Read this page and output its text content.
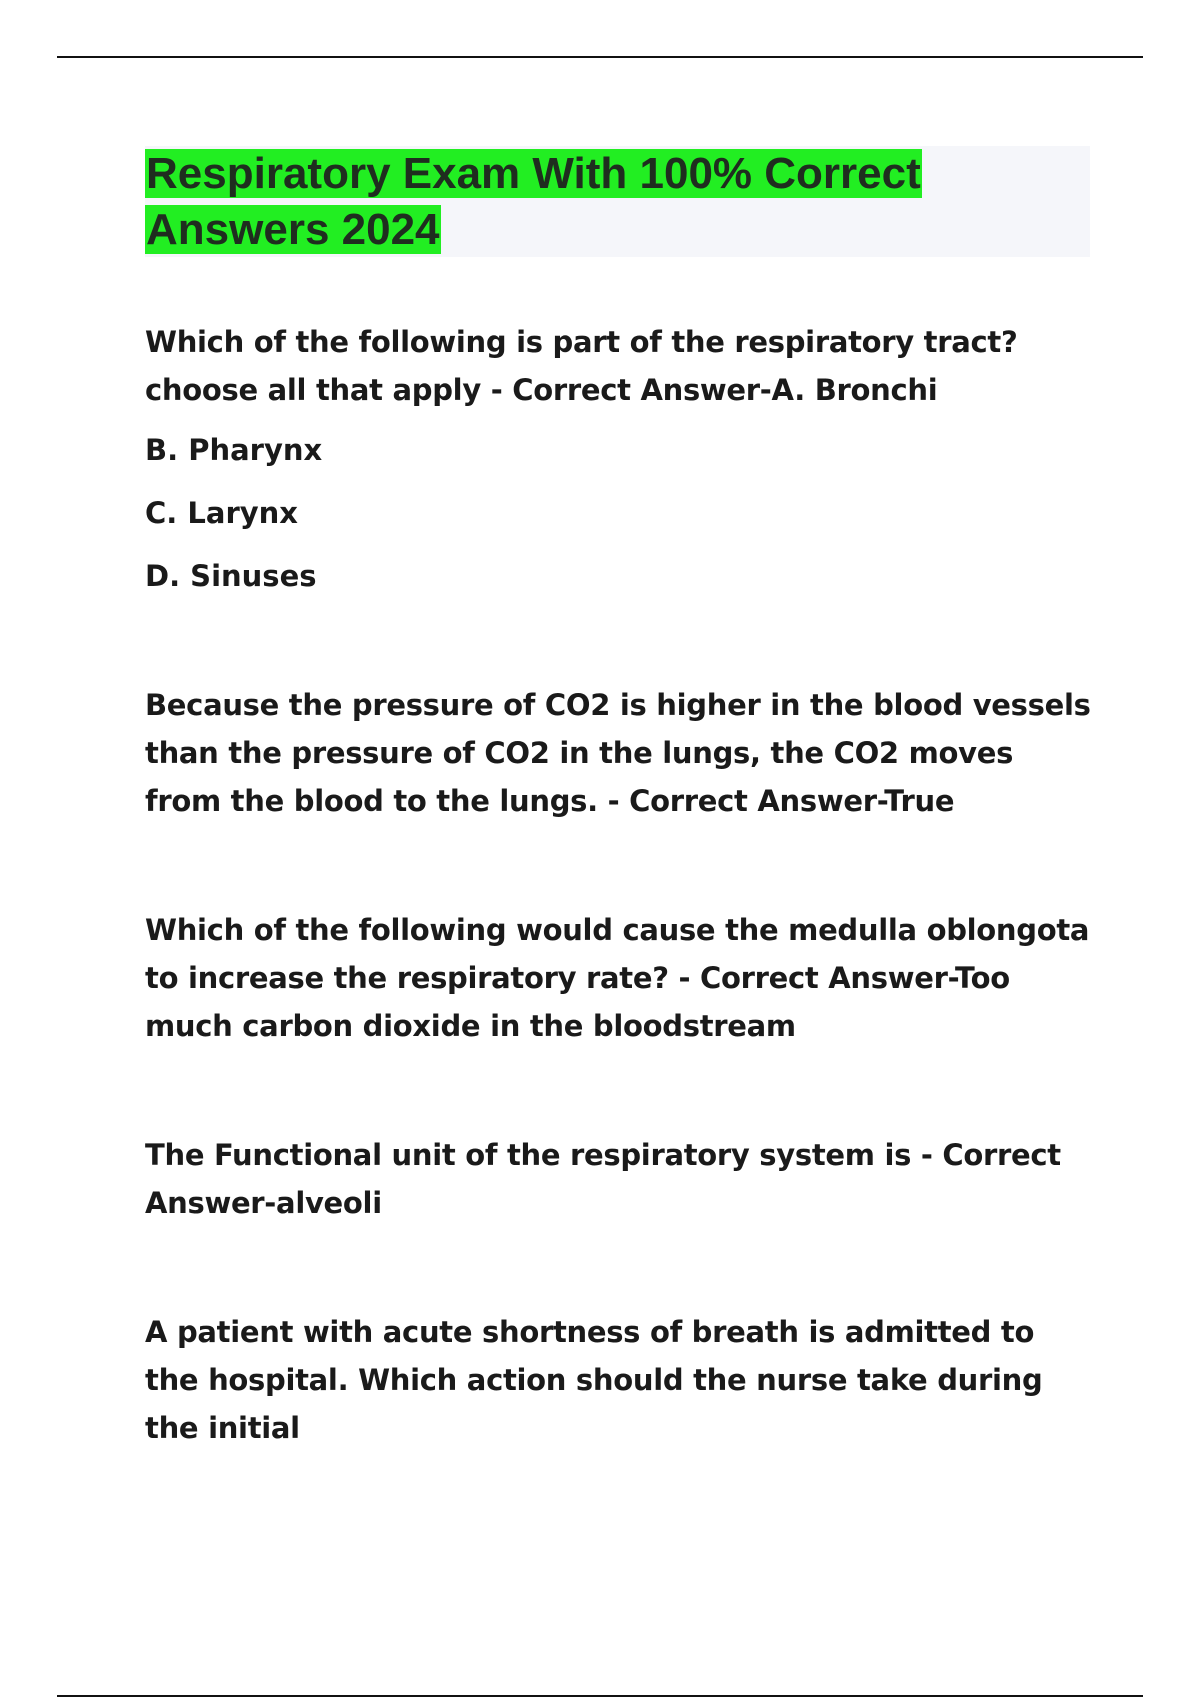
Respiratory Exam With 100% Correct
Answers 2024

Which of the following is part of the respiratory tract? choose all that apply - Correct Answer-A. Bronchi

B. Pharynx

C. Larynx

D. Sinuses

Because the pressure of CO2 is higher in the blood vessels than the pressure of CO2 in the lungs, the CO2 moves from the blood to the lungs. - Correct Answer-True

Which of the following would cause the medulla oblongota to increase the respiratory rate? - Correct Answer-Too much carbon dioxide in the bloodstream

The Functional unit of the respiratory system is - Correct Answer-alveoli

A patient with acute shortness of breath is admitted to the hospital. Which action should the nurse take during the initial
